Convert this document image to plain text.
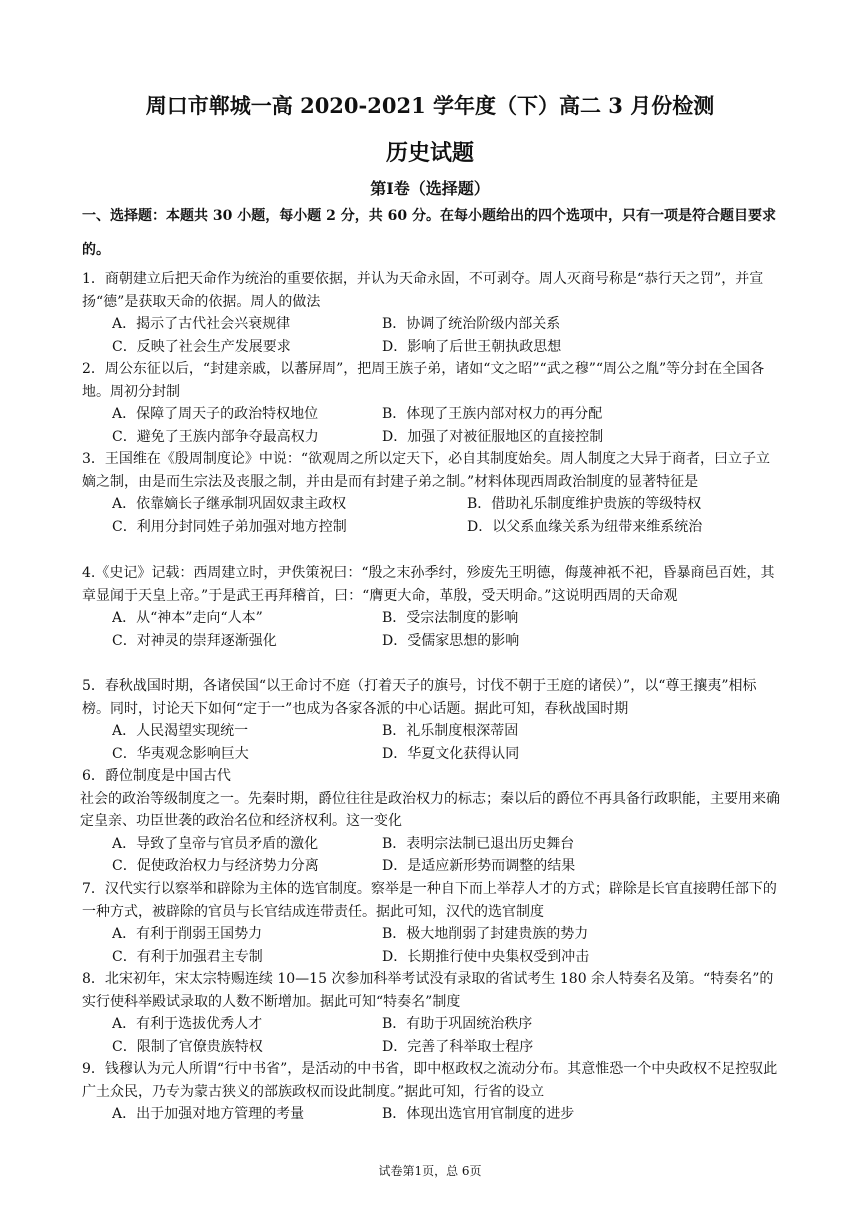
周口市郸城一高 2020-2021 学年度（下）高二 3 月份检测
历史试题
第Ⅰ卷（选择题）
一、选择题：本题共 30 小题，每小题 2 分，共 60 分。在每小题给出的四个选项中，只有一项是符合题目要求的。

1．商朝建立后把天命作为统治的重要依据，并认为天命永固，不可剥夺。周人灭商号称是“恭行天之罚”，并宣扬“德”是获取天命的依据。周人的做法

A．揭示了古代社会兴衰规律	B．协调了统治阶级内部关系
C．反映了社会生产发展要求	D．影响了后世王朝执政思想

2．周公东征以后，“封建亲戚，以蕃屏周”，把周王族子弟，诸如“文之昭”“武之穆”“周公之胤”等分封在全国各地。周初分封制

A．保障了周天子的政治特权地位	B．体现了王族内部对权力的再分配
C．避免了王族内部争夺最高权力	D．加强了对被征服地区的直接控制

3．王国维在《殷周制度论》中说：“欲观周之所以定天下，必自其制度始矣。周人制度之大异于商者，曰立子立嫡之制，由是而生宗法及丧服之制，并由是而有封建子弟之制。”材料体现西周政治制度的显著特征是

A．依靠嫡长子继承制巩固奴隶主政权	B．借助礼乐制度维护贵族的等级特权
C．利用分封同姓子弟加强对地方控制	D．以父系血缘关系为纽带来维系统治

4.《史记》记载：西周建立时，尹佚策祝曰：“殷之末孙季纣，殄废先王明德，侮蔑神祇不祀，昏暴商邑百姓，其章显闻于天皇上帝。”于是武王再拜稽首，曰：“膺更大命，革殷，受天明命。”这说明西周的天命观

A．从“神本”走向“人本”	B．受宗法制度的影响
C．对神灵的崇拜逐渐强化	D．受儒家思想的影响

5．春秋战国时期，各诸侯国“以王命讨不庭（打着天子的旗号，讨伐不朝于王庭的诸侯）”，以“尊王攘夷”相标榜。同时，讨论天下如何“定于一”也成为各家各派的中心话题。据此可知，春秋战国时期

A．人民渴望实现统一	B．礼乐制度根深蒂固
C．华夷观念影响巨大	D．华夏文化获得认同

6．爵位制度是中国古代

社会的政治等级制度之一。先秦时期，爵位往往是政治权力的标志；秦以后的爵位不再具备行政职能，主要用来确定皇亲、功臣世袭的政治名位和经济权利。这一变化

A．导致了皇帝与官员矛盾的激化	B．表明宗法制已退出历史舞台
C．促使政治权力与经济势力分离	D．是适应新形势而调整的结果

7．汉代实行以察举和辟除为主体的选官制度。察举是一种自下而上举荐人才的方式；辟除是长官直接聘任部下的一种方式，被辟除的官员与长官结成连带责任。据此可知，汉代的选官制度

A．有利于削弱王国势力	B．极大地削弱了封建贵族的势力
C．有利于加强君主专制	D．长期推行使中央集权受到冲击

8．北宋初年，宋太宗特赐连续 10—15 次参加科举考试没有录取的省试考生 180 余人特奏名及第。“特奏名”的实行使科举殿试录取的人数不断增加。据此可知“特奏名”制度

A．有利于选拔优秀人才	B．有助于巩固统治秩序
C．限制了官僚贵族特权	D．完善了科举取士程序

9．钱穆认为元人所谓“行中书省”，是活动的中书省，即中枢政权之流动分布。其意惟恐一个中央政权不足控驭此广土众民，乃专为蒙古狭义的部族政权而设此制度。”据此可知，行省的设立

A．出于加强对地方管理的考量	B．体现出选官用官制度的进步
试卷第1页，总 6页
